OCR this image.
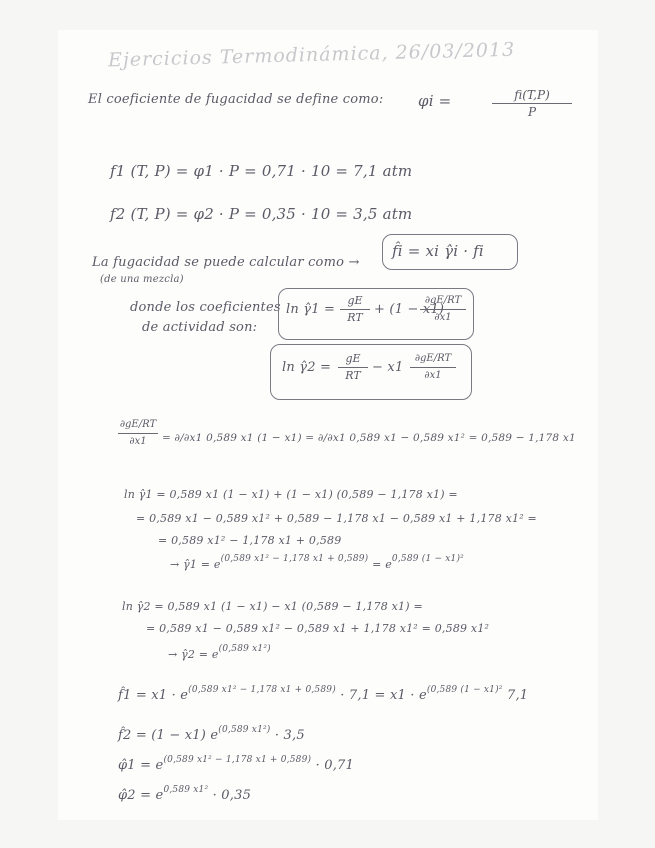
Ejercicios Termodinámica, 26/03/2013
El coeficiente de fugacidad se define como: φi =	fi(T,P)
P
f1 (T, P) = φ1 · P = 0,71 · 10 = 7,1 atm
f2 (T, P) = φ2 · P = 0,35 · 10 = 3,5 atm
La fugacidad se puede calcular como →
(de una mezcla)
f̂i = xi γ̂i · fi
donde los coeficientes
de actividad son:
ln γ̂1 =
gE
RT
+ (1 − x1)
∂gE/RT
∂x1
ln γ̂2 =
gE
RT
− x1
∂gE/RT
∂x1
∂gE/RT
∂x1	= ∂/∂x1 0,589 x1 (1 − x1) = ∂/∂x1 0,589 x1 − 0,589 x1² = 0,589 − 1,178 x1
ln γ̂1 = 0,589 x1 (1 − x1) + (1 − x1) (0,589 − 1,178 x1) =
= 0,589 x1 − 0,589 x1² + 0,589 − 1,178 x1 − 0,589 x1 + 1,178 x1² =
= 0,589 x1² − 1,178 x1 + 0,589
→ γ̂1 = $e^{(0,589 x1^2 - 1,178 x1 + 0,589)} = e^{0,589 (1 - x1)^2}$
ln γ̂2 = 0,589 x1 (1 − x1) − x1 (0,589 − 1,178 x1) =
= 0,589 x1 − 0,589 x1² − 0,589 x1 + 1,178 x1² = 0,589 x1²
→ γ̂2 = $e^{(0,589 x1^2)}$
f̂1 = $x1 \cdot e^{(0,589 x1^2 - 1,178 x1 + 0,589)} \cdot 7,1 = x1 \cdot e^{(0,589 (1 - x1)^2}$ 7,1
f̂2 = (1 − x1) $e^{(0,589 x1^2)} \cdot 3,5$
φ̂1 = $e^{(0,589 x1^2 - 1,178 x1 + 0,589)} \cdot 0,71$
φ̂2 = $e^{0,589 x1^2} \cdot 0,35$
